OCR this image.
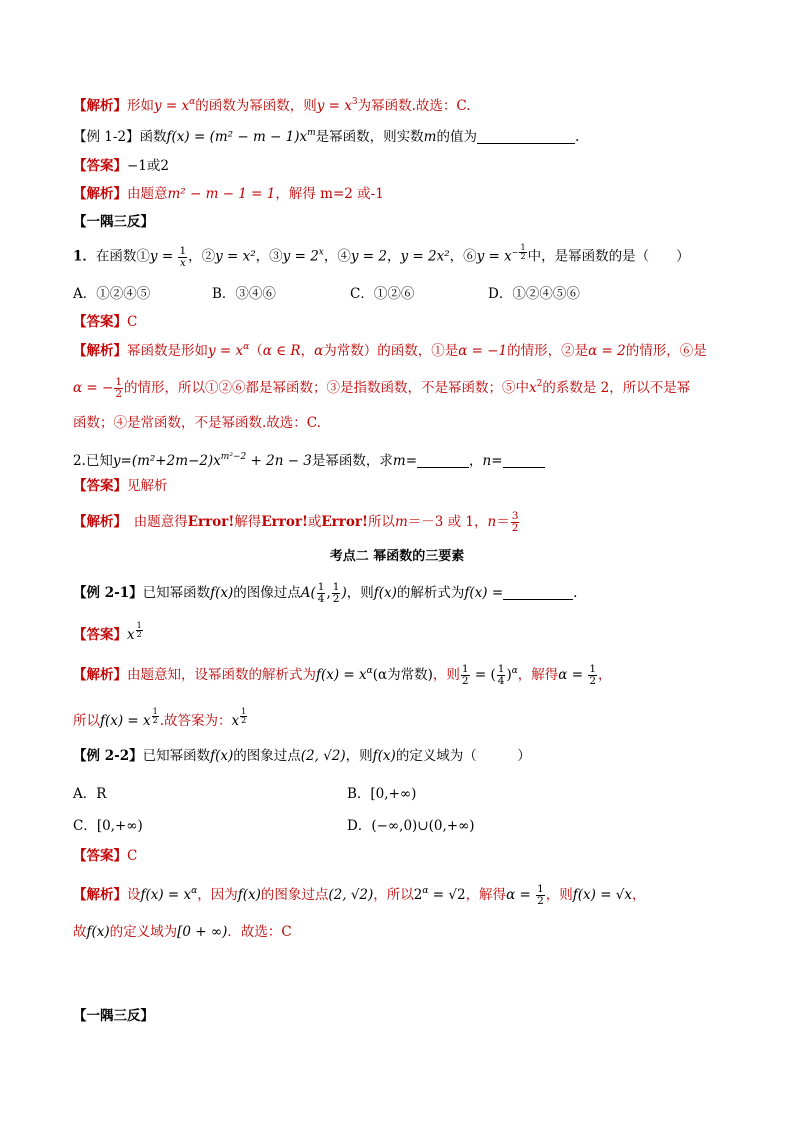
【解析】形如$y = x^\alpha$的函数为幂函数，则$y = x^3$为幂函数.故选：C.
【例 1-2】函数$f(x) = (m^2 - m - 1)x^m$是幂函数，则实数m的值为	.
【答案】−1或2
【解析】由题意m² − m − 1 = 1，解得 m=2 或-1
【一隅三反】
1．在函数①y = $\frac{1}{x}$ ，②y = x²，③y = $2^x$，④y = 2，y = 2x²，⑥y = $x^{- \frac{1}{2}}$ 中，是幂函数的是（　　）
A．①②④⑤	B．③④⑥	C．①②⑥	D．①②④⑤⑥
【答案】C
【解析】幂函数是形如$y = x^\alpha(\alpha$ ∈ R，α为常数）的函数，①是α = −1的情形，②是α = 2的情形，⑥是
α = − $\frac{1}{2}$ 的情形，所以①②⑥都是幂函数；③是指数函数，不是幂函数；⑤中$x^2$的系数是 2，所以不是幂
函数；④是常函数，不是幂函数.故选：C.
2.已知$y=(m^2+2m-2)x^{m^2-2} + 2n - 3$是幂函数，求m=	，n=
【答案】见解析
【解析】　由题意得Error!解得Error!或Error!所以m＝－3 或 1，$n= \frac{3}{2}$
考点二 幂函数的三要素
【例 2-1】已知幂函数f(x)的图像过点$A( \frac{1}{4}$ , $\frac{1}{2}$ )，则f(x)的解析式为f(x) =	.
【答案】x $^{\frac{1}{2}}$
【解析】由题意知，设幂函数的解析式为$f(x) = x^\alpha(\alpha$为常数)，则 $\frac{1}{2}$ = ( $\frac{1}{4} )^\alpha$，解得$\alpha = \frac{1}{2}$ ，
所以f(x) = x $^{\frac{1}{2}}$ .故答案为：x $^{\frac{1}{2}}$
【例 2-2】已知幂函数f(x)的图象过点(2, √2)，则f(x)的定义域为（　　　）
A．R	B．[0,+∞)
C．[0,+∞)	D．(−∞,0)∪(0,+∞)
【答案】C
【解析】设$f(x) = x^\alpha$，因为f(x)的图象过点(2, √2)，所以$2^\alpha = √2$，解得$\alpha = \frac{1}{2}$ ，则f(x) = √x，
故f(x)的定义域为[0 + ∞)．故选：C
【一隅三反】
